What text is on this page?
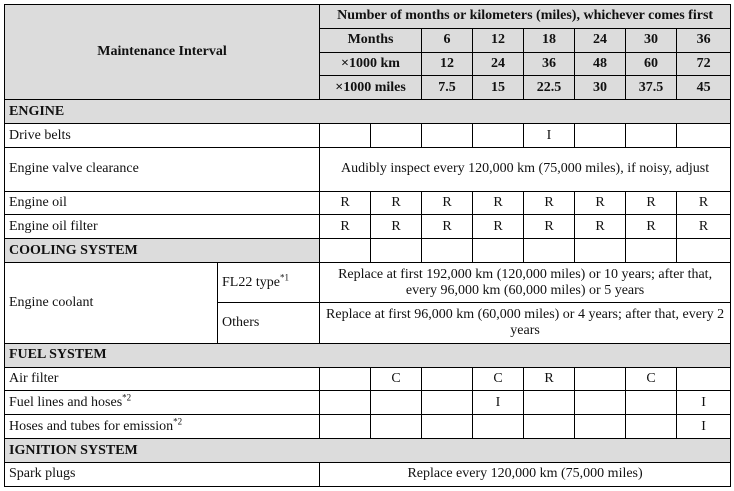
Maintenance Interval		Number of months or kilometers (miles), whichever comes first								
		Months		6	12	18	24	30	36		
		×1000 km		12	24	36	48	60	72		
		×1000 miles		7.5	15	22.5	30	37.5	45		
ENGINE										
Drive belts						I				
Engine valve clearance		Audibly inspect every 120,000 km (75,000 miles), if noisy, adjust								
Engine oil		R	R	R	R	R	R	R	R	
Engine oil filter		R	R	R	R	R	R	R	R	
COOLING SYSTEM										
Engine coolant	FL22 type$^{*1}$	Replace at first 192,000 km (120,000 miles) or 10 years; after that, every 96,000 km (60,000 miles) or 5 years								
	Others	Replace at first 96,000 km (60,000 miles) or 4 years; after that, every 2 years								
FUEL SYSTEM										
Air filter			C		C	R		C		
Fuel lines and hoses$^{*2}$					I				I	
Hoses and tubes for emission$^{*2}$									I	
IGNITION SYSTEM										
Spark plugs		Replace every 120,000 km (75,000 miles)								
